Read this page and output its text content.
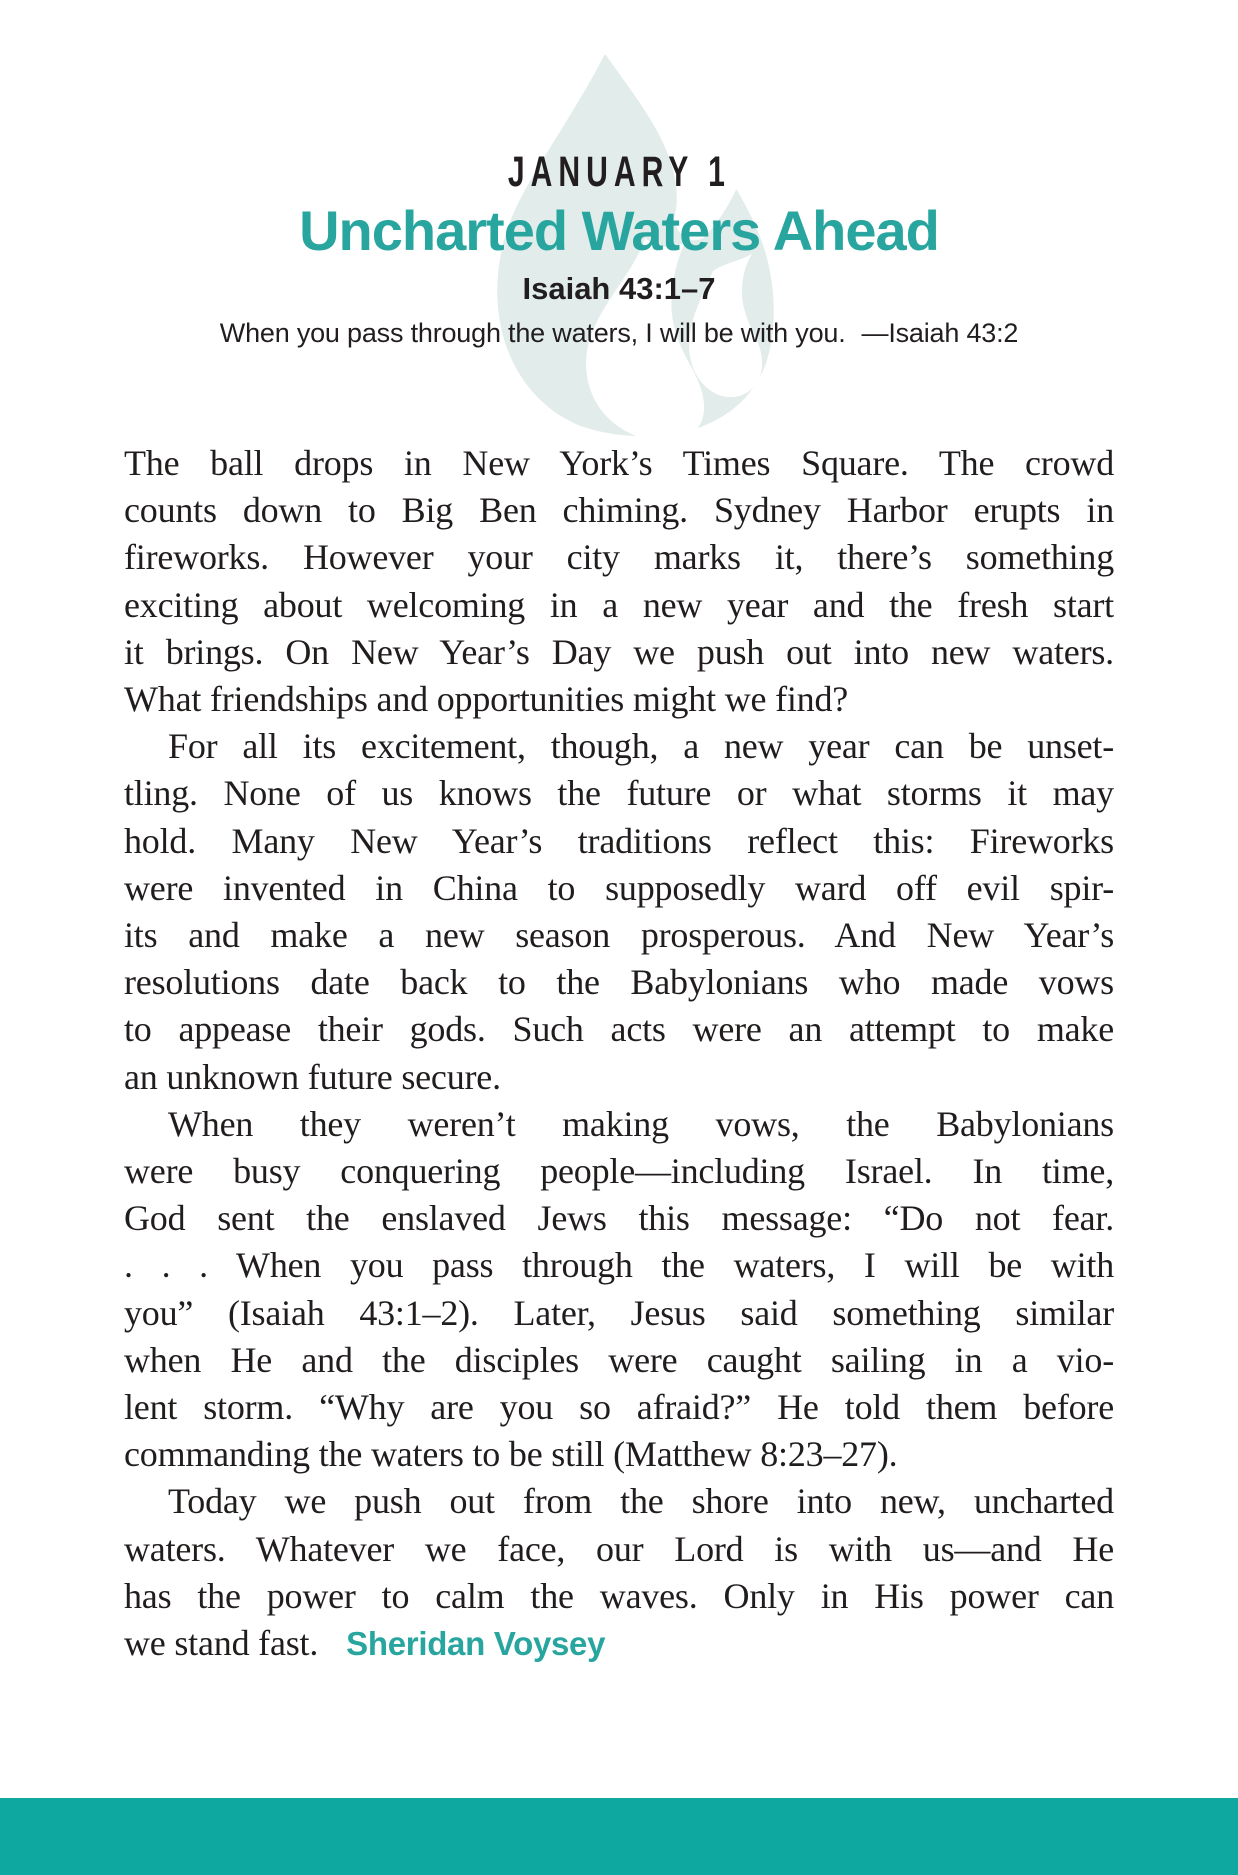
JANUARY 1
Uncharted Waters Ahead
Isaiah 43:1–7
When you pass through the waters, I will be with you. —Isaiah 43:2
The ball drops in New York’s Times Square. The crowd
counts down to Big Ben chiming. Sydney Harbor erupts in
fireworks. However your city marks it, there’s something
exciting about welcoming in a new year and the fresh start
it brings. On New Year’s Day we push out into new waters.
What friendships and opportunities might we find?
For all its excitement, though, a new year can be unset-
tling. None of us knows the future or what storms it may
hold. Many New Year’s traditions reflect this: Fireworks
were invented in China to supposedly ward off evil spir-
its and make a new season prosperous. And New Year’s
resolutions date back to the Babylonians who made vows
to appease their gods. Such acts were an attempt to make
an unknown future secure.
When they weren’t making vows, the Babylonians
were busy conquering people—including Israel. In time,
God sent the enslaved Jews this message: “Do not fear.
. . . When you pass through the waters, I will be with
you” (Isaiah 43:1–2). Later, Jesus said something similar
when He and the disciples were caught sailing in a vio-
lent storm. “Why are you so afraid?” He told them before
commanding the waters to be still (Matthew 8:23–27).
Today we push out from the shore into new, uncharted
waters. Whatever we face, our Lord is with us—and He
has the power to calm the waves. Only in His power can
we stand fast. Sheridan Voysey
